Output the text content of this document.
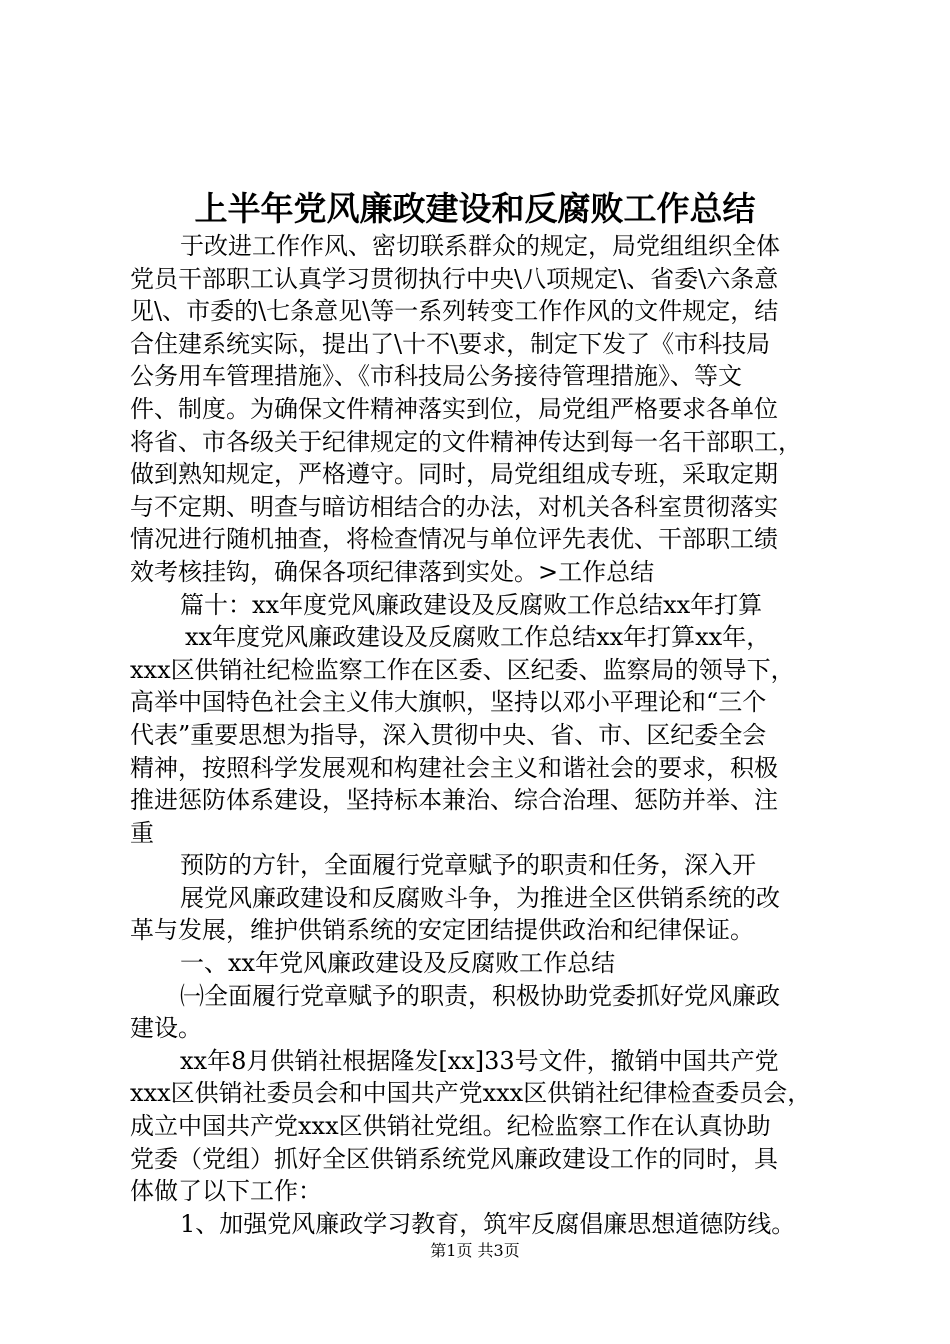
上半年党风廉政建设和反腐败工作总结
于改进工作作风、密切联系群众的规定，局党组组织全体
党员干部职工认真学习贯彻执行中央\八项规定\、省委\六条意
见\、市委的\七条意见\等一系列转变工作作风的文件规定，结
合住建系统实际，提出了\十不\要求，制定下发了《市科技局
公务用车管理措施》、《市科技局公务接待管理措施》、等文
件、制度。为确保文件精神落实到位，局党组严格要求各单位
将省、市各级关于纪律规定的文件精神传达到每一名干部职工，
做到熟知规定，严格遵守。同时，局党组组成专班，采取定期
与不定期、明查与暗访相结合的办法，对机关各科室贯彻落实
情况进行随机抽查，将检查情况与单位评先表优、干部职工绩
效考核挂钩，确保各项纪律落到实处。>工作总结
篇十：xx年度党风廉政建设及反腐败工作总结xx年打算
xx年度党风廉政建设及反腐败工作总结xx年打算xx年，
xxx区供销社纪检监察工作在区委、区纪委、监察局的领导下，
高举中国特色社会主义伟大旗帜，坚持以邓小平理论和“三个
代表”重要思想为指导，深入贯彻中央、省、市、区纪委全会
精神，按照科学发展观和构建社会主义和谐社会的要求，积极
推进惩防体系建设，坚持标本兼治、综合治理、惩防并举、注
重
预防的方针，全面履行党章赋予的职责和任务，深入开
展党风廉政建设和反腐败斗争，为推进全区供销系统的改
革与发展，维护供销系统的安定团结提供政治和纪律保证。
一、xx年党风廉政建设及反腐败工作总结
㈠全面履行党章赋予的职责，积极协助党委抓好党风廉政
建设。
xx年8月供销社根据隆发[xx]33号文件，撤销中国共产党
xxx区供销社委员会和中国共产党xxx区供销社纪律检查委员会，
成立中国共产党xxx区供销社党组。纪检监察工作在认真协助
党委（党组）抓好全区供销系统党风廉政建设工作的同时，具
体做了以下工作：
1、加强党风廉政学习教育，筑牢反腐倡廉思想道德防线。
第1页 共3页
